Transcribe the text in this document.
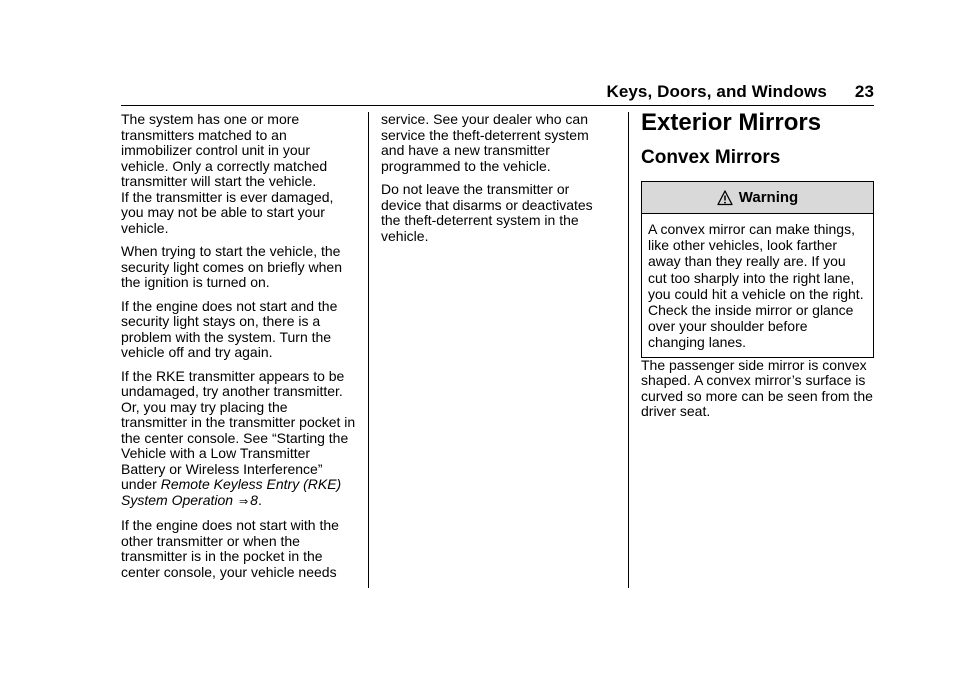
Keys, Doors, and Windows 23

The system has one or more transmitters matched to an immobilizer control unit in your vehicle. Only a correctly matched transmitter will start the vehicle.

If the transmitter is ever damaged, you may not be able to start your vehicle.

When trying to start the vehicle, the security light comes on briefly when the ignition is turned on.

If the engine does not start and the security light stays on, there is a problem with the system. Turn the vehicle off and try again.

If the RKE transmitter appears to be undamaged, try another transmitter. Or, you may try placing the transmitter in the transmitter pocket in the center console. See “Starting the Vehicle with a Low Transmitter Battery or Wireless Interference” under Remote Keyless Entry (RKE) System Operation ⇒ 8.

If the engine does not start with the other transmitter or when the transmitter is in the pocket in the center console, your vehicle needs

service. See your dealer who can service the theft-deterrent system and have a new transmitter programmed to the vehicle.

Do not leave the transmitter or device that disarms or deactivates the theft-deterrent system in the vehicle.

Exterior Mirrors
Convex Mirrors
Warning
A convex mirror can make things, like other vehicles, look farther away than they really are. If you cut too sharply into the right lane, you could hit a vehicle on the right. Check the inside mirror or glance over your shoulder before changing lanes.

The passenger side mirror is convex shaped. A convex mirror’s surface is curved so more can be seen from the driver seat.
